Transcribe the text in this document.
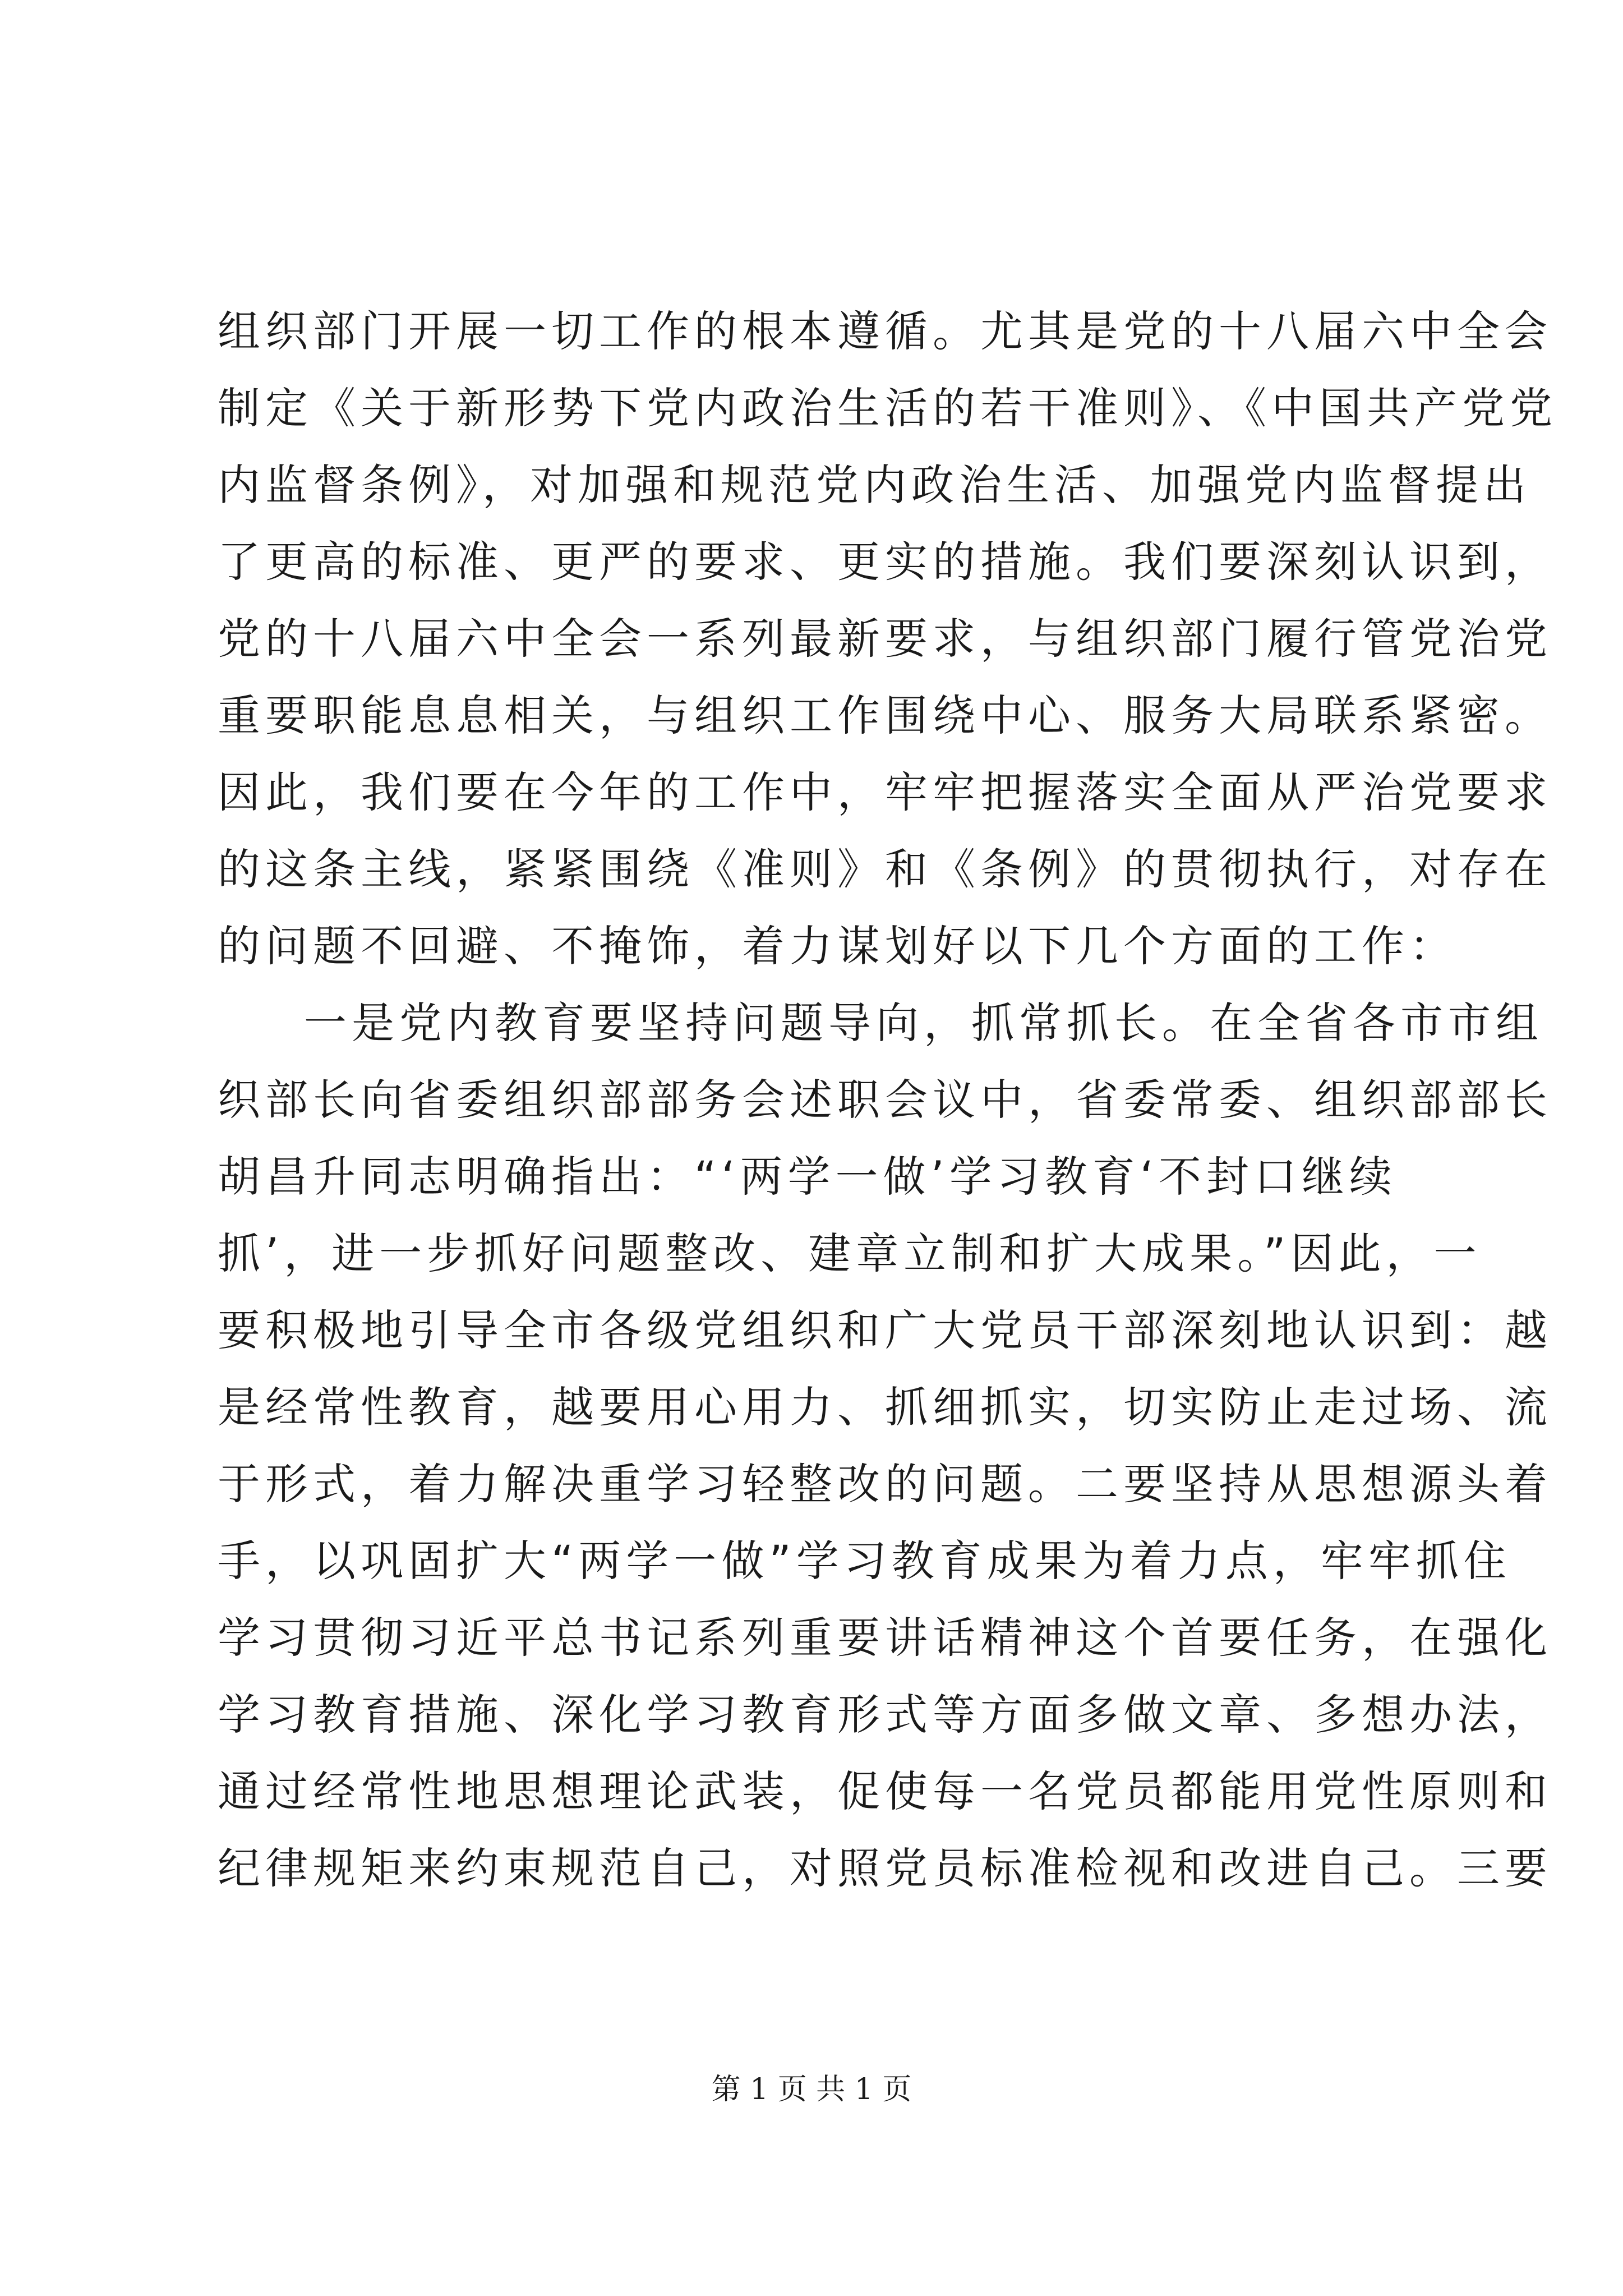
组织部门开展一切工作的根本遵循。尤其是党的十八届六中全会
制定《关于新形势下党内政治生活的若干准则》、《中国共产党党
内监督条例》，对加强和规范党内政治生活、加强党内监督提出
了更高的标准、更严的要求、更实的措施。我们要深刻认识到，
党的十八届六中全会一系列最新要求，与组织部门履行管党治党
重要职能息息相关，与组织工作围绕中心、服务大局联系紧密。
因此，我们要在今年的工作中，牢牢把握落实全面从严治党要求
的这条主线，紧紧围绕《准则》和《条例》的贯彻执行，对存在
的问题不回避、不掩饰，着力谋划好以下几个方面的工作：
一是党内教育要坚持问题导向，抓常抓长。在全省各市市组
织部长向省委组织部部务会述职会议中，省委常委、组织部部长
胡昌升同志明确指出：“‘两学一做’学习教育‘不封口继续
抓’，进一步抓好问题整改、建章立制和扩大成果。”因此，一
要积极地引导全市各级党组织和广大党员干部深刻地认识到：越
是经常性教育，越要用心用力、抓细抓实，切实防止走过场、流
于形式，着力解决重学习轻整改的问题。二要坚持从思想源头着
手，以巩固扩大“两学一做”学习教育成果为着力点，牢牢抓住
学习贯彻习近平总书记系列重要讲话精神这个首要任务，在强化
学习教育措施、深化学习教育形式等方面多做文章、多想办法，
通过经常性地思想理论武装，促使每一名党员都能用党性原则和
纪律规矩来约束规范自己，对照党员标准检视和改进自己。三要
第 1 页 共 1 页
